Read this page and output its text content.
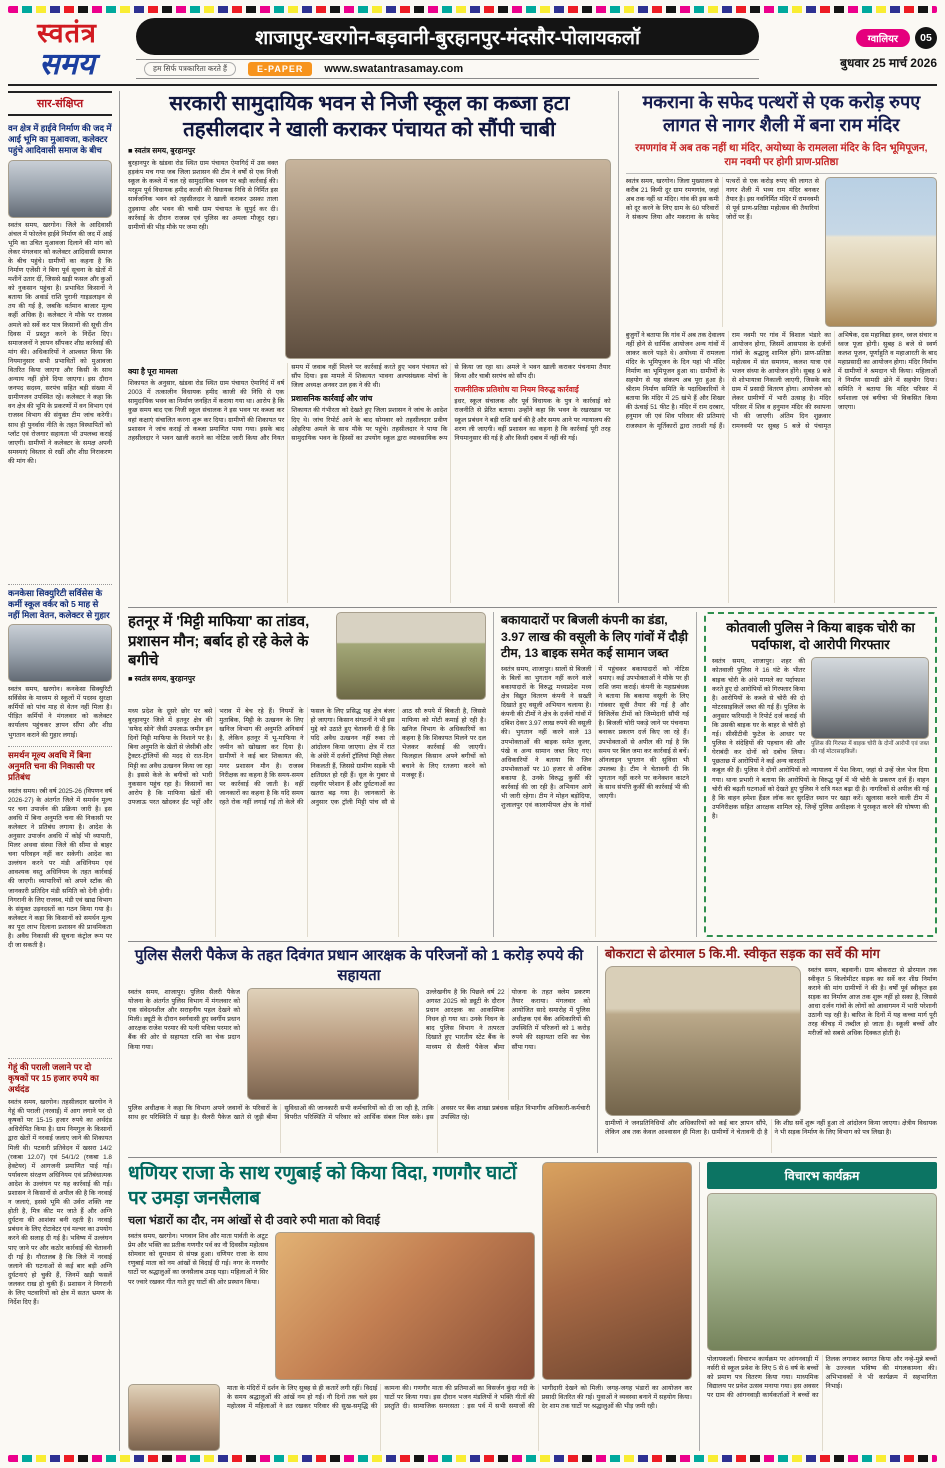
स्वतंत्र
समय
शाजापुर-खरगोन-बड़वानी-बुरहानपुर-मंदसौर-पोलायकलॉ
हम सिर्फ पत्रकारिता करते हैं	E-PAPER	www.swatantrasamay.com
ग्वालियर	05
बुधवार 25 मार्च 2026
सार-संक्षिप्त
वन क्षेत्र में हाईवे निर्माण की जद में आई भूमि का मुआवजा, कलेक्टर पहुंचे आदिवासी समाज के बीच
स्वतंत्र समय, खरगोन। जिले के आदिवासी अंचल में फोरलेन हाईवे निर्माण की जद में आई भूमि का उचित मुआवजा दिलाने की मांग को लेकर मंगलवार को कलेक्टर आदिवासी समाज के बीच पहुंचे। ग्रामीणों का कहना है कि निर्माण एजेंसी ने बिना पूर्व सूचना के खेतों में मशीनें उतार दीं, जिससे खड़ी फसल और कुओं को नुकसान पहुंचा है। प्रभावित किसानों ने बताया कि अवार्ड राशि पुरानी गाइडलाइन से तय की गई है, जबकि वर्तमान बाजार मूल्य कहीं अधिक है। कलेक्टर ने मौके पर राजस्व अमले को सर्वे कर पात्र किसानों की सूची तीन दिवस में प्रस्तुत करने के निर्देश दिए। समाजजनों ने ज्ञापन सौंपकर शीघ्र कार्रवाई की मांग की। अधिकारियों ने आश्वस्त किया कि नियमानुसार सभी प्रभावितों को मुआवजा वितरित किया जाएगा और किसी के साथ अन्याय नहीं होने दिया जाएगा। इस दौरान जनपद सदस्य, सरपंच सहित बड़ी संख्या में ग्रामीणजन उपस्थित रहे। कलेक्टर ने कहा कि वन क्षेत्र की भूमि के प्रकरणों में वन विभाग एवं राजस्व विभाग की संयुक्त टीम जांच करेगी। साथ ही पुनर्वास नीति के तहत विस्थापितों को प्लॉट एवं रोजगार सहायता भी उपलब्ध कराई जाएगी। ग्रामीणों ने कलेक्टर के समक्ष अपनी समस्याएं विस्तार से रखीं और शीघ्र निराकरण की मांग की।
कनकेसा सिक्युरिटी सर्विसेस के कर्मी स्कूल वर्कर को 5 माह से नहीं मिला वेतन, कलेक्टर से गुहार
स्वतंत्र समय, खरगोन। कनकेसा सिक्युरिटी सर्विसेस के माध्यम से स्कूलों में पदस्थ सुरक्षा कर्मियों को पांच माह से वेतन नहीं मिला है। पीड़ित कर्मियों ने मंगलवार को कलेक्टर कार्यालय पहुंचकर ज्ञापन सौंपा और शीघ्र भुगतान कराने की गुहार लगाई।
समर्थन मूल्य अवधि में बिना अनुमति चना की निकासी पर प्रतिबंध
स्वतंत्र समय। रबी वर्ष 2025-26 (विपणन वर्ष 2026-27) के अंतर्गत जिले में समर्थन मूल्य पर चना उपार्जन की प्रक्रिया जारी है। इस अवधि में बिना अनुमति चना की निकासी पर कलेक्टर ने प्रतिबंध लगाया है। आदेश के अनुसार उपार्जन अवधि में कोई भी व्यापारी, मिलर अथवा संस्था जिले की सीमा से बाहर चना परिवहन नहीं कर सकेगी। आदेश का उल्लंघन करने पर मंडी अधिनियम एवं आवश्यक वस्तु अधिनियम के तहत कार्रवाई की जाएगी। व्यापारियों को अपने स्टॉक की जानकारी प्रतिदिन मंडी समिति को देनी होगी। निगरानी के लिए राजस्व, मंडी एवं खाद्य विभाग के संयुक्त उड़नदस्तों का गठन किया गया है। कलेक्टर ने कहा कि किसानों को समर्थन मूल्य का पूरा लाभ दिलाना प्रशासन की प्राथमिकता है। अवैध निकासी की सूचना कंट्रोल रूम पर दी जा सकती है।
गेहूं की पराली जलाने पर दो कृषकों पर 15 हजार रुपये का अर्थदंड
स्वतंत्र समय, खरगोन। तहसीलदार खरगोन ने गेहूं की पराली (नरवाई) में आग लगाने पर दो कृषकों पर 15-15 हजार रुपये का अर्थदंड अधिरोपित किया है। ग्राम निमगुल के किसानों द्वारा खेतों में नरवाई जलाए जाने की शिकायत मिली थी। पटवारी प्रतिवेदन में खसरा 14/2 (रकबा 12.07) एवं 54/1/2 (रकबा 1.8 हेक्टेयर) में आगजनी प्रमाणित पाई गई। पर्यावरण संरक्षण अधिनियम एवं प्रतिबंधात्मक आदेश के उल्लंघन पर यह कार्रवाई की गई। प्रशासन ने किसानों से अपील की है कि नरवाई न जलाएं, इससे भूमि की उर्वरा शक्ति नष्ट होती है, मित्र कीट मर जाते हैं और अग्नि दुर्घटना की आशंका बनी रहती है। नरवाई प्रबंधन के लिए रोटावेटर एवं मल्चर का उपयोग करने की सलाह दी गई है। भविष्य में उल्लंघन पाए जाने पर और कठोर कार्रवाई की चेतावनी दी गई है। गौरतलब है कि जिले में नरवाई जलाने की घटनाओं से कई बार बड़ी अग्नि दुर्घटनाएं हो चुकी हैं, जिनमें खड़ी फसलें जलकर राख हो चुकी हैं। प्रशासन ने निगरानी के लिए पटवारियों को क्षेत्र में सतत भ्रमण के निर्देश दिए हैं।
सरकारी सामुदायिक भवन से निजी स्कूल का कब्जा हटा तहसीलदार ने खाली कराकर पंचायत को सौंपी चाबी
■ स्वतंत्र समय, बुरहानपुर
बुरहानपुर के खंडवा रोड स्थित ग्राम पंचायत ऐमागिर्द में उस वक्त हड़कंप मच गया जब जिला प्रशासन की टीम ने वर्षों से एक निजी स्कूल के कब्जे में चल रहे सामुदायिक भवन पर बड़ी कार्रवाई की। मरहूम पूर्व विधायक हमीद काजी की विधायक निधि से निर्मित इस सार्वजनिक भवन को तहसीलदार ने खाली कराकर उसका ताला तुड़वाया और भवन की चाबी ग्राम पंचायत के सुपुर्द कर दी। कार्रवाई के दौरान राजस्व एवं पुलिस का अमला मौजूद रहा। ग्रामीणों की भीड़ मौके पर जमा रही।
क्या है पूरा मामला
शिकायत के अनुसार, खंडवा रोड स्थित ग्राम पंचायत ऐमागिर्द में वर्ष 2003 में तत्कालीन विधायक हमीद काजी की निधि से एक सामुदायिक भवन का निर्माण जनहित में कराया गया था। आरोप है कि कुछ समय बाद एक निजी स्कूल संचालक ने इस भवन पर कब्जा कर वहां कक्षाएं संचालित करना शुरू कर दिया। ग्रामीणों की शिकायत पर प्रशासन ने जांच कराई तो कब्जा प्रमाणित पाया गया। इसके बाद तहसीलदार ने भवन खाली कराने का नोटिस जारी किया और नियत समय में जवाब नहीं मिलने पर कार्रवाई करते हुए भवन पंचायत को सौंप दिया। इस मामले में शिकायत भावना अल्पसंख्यक मोर्चा के जिला अध्यक्ष अनवर उल हक ने की थी।
प्रशासनिक कार्रवाई और जांच
शिकायत की गंभीरता को देखते हुए जिला प्रशासन ने जांच के आदेश दिए थे। जांच रिपोर्ट आने के बाद सोमवार को तहसीलदार प्रवीण ओहरिया अमले के साथ मौके पर पहुंचे। तहसीलदार ने पाया कि सामुदायिक भवन के हिस्सों का उपयोग स्कूल द्वारा व्यावसायिक रूप से किया जा रहा था। अमले ने भवन खाली कराकर पंचनामा तैयार किया और चाबी सरपंच को सौंप दी।
राजनीतिक प्रतिशोध या नियम विरुद्ध कार्रवाई
इधर, स्कूल संचालक और पूर्व विधायक के पुत्र ने कार्रवाई को राजनीति से प्रेरित बताया। उन्होंने कहा कि भवन के रखरखाव पर स्कूल प्रबंधन ने बड़ी राशि खर्च की है और समय आने पर न्यायालय की शरण ली जाएगी। वहीं प्रशासन का कहना है कि कार्रवाई पूरी तरह नियमानुसार की गई है और किसी दबाव में नहीं की गई।
मकराना के सफेद पत्थरों से एक करोड़ रुपए लागत से नागर शैली में बना राम मंदिर
रमणगांव में अब तक नहीं था मंदिर, अयोध्या के रामलला मंदिर के दिन भूमिपूजन, राम नवमी पर होगी प्राण-प्रतिष्ठा
स्वतंत्र समय, खरगोन। जिला मुख्यालय से करीब 21 किमी दूर ग्राम रमणगांव, जहां अब तक नहीं था मंदिर। गांव की इस कमी को दूर करने के लिए ग्राम के 60 परिवारों ने संकल्प लिया और मकराना के सफेद पत्थरों से एक करोड़ रुपए की लागत से नागर शैली में भव्य राम मंदिर बनकर तैयार है। इस नवनिर्मित मंदिर में रामनवमी से पूर्व प्राण-प्रतिष्ठा महोत्सव की तैयारियां जोरों पर हैं।
बुजुर्गों ने बताया कि गांव में अब तक देवालय नहीं होने से धार्मिक आयोजन अन्य गांवों में जाकर करने पड़ते थे। अयोध्या में रामलला मंदिर के भूमिपूजन के दिन यहां भी मंदिर निर्माण का भूमिपूजन हुआ था। ग्रामीणों के सहयोग से यह संकल्प अब पूरा हुआ है। श्रीराम निर्माण समिति के पदाधिकारियों ने बताया कि मंदिर में 25 खंभे हैं और शिखर की ऊंचाई 51 फीट है। मंदिर में राम दरबार, हनुमान जी एवं शिव परिवार की प्रतिमाएं राजस्थान के मूर्तिकारों द्वारा तराशी गई हैं। राम नवमी पर गांव में विशाल भंडारे का आयोजन होगा, जिसमें आसपास के दर्जनों गांवों के श्रद्धालु शामिल होंगे। प्राण-प्रतिष्ठा महोत्सव में संत समागम, कलश यात्रा एवं भजन संध्या के आयोजन होंगे। सुबह 9 बजे से शोभायात्रा निकाली जाएगी, जिसके बाद ग्राम में प्रसादी वितरण होगा। आयोजन को लेकर ग्रामीणों में भारी उत्साह है। मंदिर परिसर में शिव व हनुमान मंदिर की स्थापना भी की जाएगी। अंतिम दिन शुक्रवार रामनवमी पर सुबह 5 बजे से पंचामृत अभिषेक, दस महाविद्या हवन, ध्वज संचार व ध्वज पूजा होगी। सुबह 8 बजे से स्वर्ण कलश पूजन, पूर्णाहुति व महाआरती के बाद महाप्रसादी का आयोजन होगा। मंदिर निर्माण में ग्रामीणों ने श्रमदान भी किया। महिलाओं ने निर्माण सामग्री ढोने में सहयोग दिया। समिति ने बताया कि मंदिर परिसर में धर्मशाला एवं बगीचा भी विकसित किया जाएगा।
हतनूर में 'मिट्टी माफिया' का तांडव, प्रशासन मौन; बर्बाद हो रहे केले के बगीचे
■ स्वतंत्र समय, बुरहानपुर
मध्य प्रदेश के दूसरे छोर पर बसे बुरहानपुर जिले में हतनूर क्षेत्र की 'सफेद सोने' जैसी उपजाऊ जमीन इन दिनों मिट्टी माफिया के निशाने पर है। बिना अनुमति के खेतों से जेसीबी और ट्रैक्टर-ट्रॉलियों की मदद से रात-दिन मिट्टी का अवैध उत्खनन किया जा रहा है। इससे केले के बगीचों को भारी नुकसान पहुंच रहा है। किसानों का आरोप है कि माफिया खेतों की उपजाऊ परत खोदकर ईंट भट्टों और भराव में बेच रहे हैं। नियमों के मुताबिक, मिट्टी के उत्खनन के लिए खनिज विभाग की अनुमति अनिवार्य है, लेकिन हतनूर में भू-माफिया ने जमीन को खोखला कर दिया है। ग्रामीणों ने कई बार शिकायत की, मगर प्रशासन मौन है। राजस्व निरीक्षक का कहना है कि समय-समय पर कार्रवाई की जाती है। वहीं जानकारों का कहना है कि यदि समय रहते रोक नहीं लगाई गई तो केले की फसल के लिए प्रसिद्ध यह क्षेत्र बंजर हो जाएगा। किसान संगठनों ने भी इस मुद्दे को उठाते हुए चेतावनी दी है कि यदि अवैध उत्खनन नहीं रुका तो आंदोलन किया जाएगा। क्षेत्र में रात के अंधेरे में दर्जनों ट्रॉलियां मिट्टी लेकर निकलती हैं, जिससे ग्रामीण सड़कें भी क्षतिग्रस्त हो रही हैं। धूल के गुबार से राहगीर परेशान हैं और दुर्घटनाओं का खतरा बढ़ गया है। जानकारों के अनुसार एक ट्रॉली मिट्टी पांच सौ से आठ सौ रुपये में बिकती है, जिससे माफिया को मोटी कमाई हो रही है। खनिज विभाग के अधिकारियों का कहना है कि शिकायत मिलने पर दल भेजकर कार्रवाई की जाएगी। फिलहाल किसान अपने बगीचों को बचाने के लिए रतजगा करने को मजबूर हैं।
बकायादारों पर बिजली कंपनी का डंडा, 3.97 लाख की वसूली के लिए गांवों में दौड़ी टीम, 13 बाइक समेत कई सामान जब्त
स्वतंत्र समय, शाजापुर। सालों से बिजली के बिलों का भुगतान नहीं करने वाले बकायादारों के विरुद्ध मध्यप्रदेश मध्य क्षेत्र विद्युत वितरण कंपनी ने सख्ती दिखाते हुए वसूली अभियान चलाया है। कंपनी की टीमों ने क्षेत्र के दर्जनों गांवों में दबिश देकर 3.97 लाख रुपये की वसूली की। भुगतान नहीं करने वाले 13 उपभोक्ताओं की बाइक समेत कूलर, पंखे व अन्य सामान जब्त किए गए। अधिकारियों ने बताया कि जिन उपभोक्ताओं पर 10 हजार से अधिक बकाया है, उनके विरुद्ध कुर्की की कार्रवाई की जा रही है। अभियान आगे भी जारी रहेगा। टीम ने मोहन बड़ोदिया, शुजालपुर एवं कालापीपल क्षेत्र के गांवों में पहुंचकर बकायादारों को नोटिस थमाए। कई उपभोक्ताओं ने मौके पर ही राशि जमा कराई। कंपनी के महाप्रबंधक ने बताया कि बकाया वसूली के लिए गांववार सूची तैयार की गई है और विजिलेंस टीमों को जिम्मेदारी सौंपी गई है। बिजली चोरी पकड़े जाने पर पंचनामा बनाकर प्रकरण दर्ज किए जा रहे हैं। उपभोक्ताओं से अपील की गई है कि समय पर बिल जमा कर कार्रवाई से बचें। ऑनलाइन भुगतान की सुविधा भी उपलब्ध है। टीम ने चेतावनी दी कि भुगतान नहीं करने पर कनेक्शन काटने के साथ संपत्ति कुर्की की कार्रवाई भी की जाएगी।
कोतवाली पुलिस ने किया बाइक चोरी का पर्दाफाश, दो आरोपी गिरफ्तार
पुलिस की गिरफ्त में बाइक चोरी के दोनों आरोपी एवं जब्त की गई मोटरसाइकिलें।
स्वतंत्र समय, शाजापुर। शहर की कोतवाली पुलिस ने 16 घंटे के भीतर बाइक चोरी के अंधे मामले का पर्दाफाश करते हुए दो आरोपियों को गिरफ्तार किया है। आरोपियों के कब्जे से चोरी की दो मोटरसाइकिलें जब्त की गई हैं। पुलिस के अनुसार फरियादी ने रिपोर्ट दर्ज कराई थी कि उसकी बाइक घर के बाहर से चोरी हो गई। सीसीटीवी फुटेज के आधार पर पुलिस ने संदेहियों की पहचान की और घेराबंदी कर दोनों को दबोच लिया। पूछताछ में आरोपियों ने कई अन्य वारदातें कबूल की हैं। पुलिस ने दोनों आरोपियों को न्यायालय में पेश किया, जहां से उन्हें जेल भेज दिया गया। थाना प्रभारी ने बताया कि आरोपियों के विरुद्ध पूर्व में भी चोरी के प्रकरण दर्ज हैं। वाहन चोरी की बढ़ती घटनाओं को देखते हुए पुलिस ने रात्रि गश्त बढ़ा दी है। नागरिकों से अपील की गई है कि वाहन हमेशा हैंडल लॉक कर सुरक्षित स्थान पर खड़ा करें। खुलासा करने वाली टीम में उपनिरीक्षक सहित आरक्षक शामिल रहे, जिन्हें पुलिस अधीक्षक ने पुरस्कृत करने की घोषणा की है।
पुलिस सैलरी पैकेज के तहत दिवंगत प्रधान आरक्षक के परिजनों को 1 करोड़ रुपये की सहायता
स्वतंत्र समय, शाजापुर। पुलिस सैलरी पैकेज योजना के अंतर्गत पुलिस विभाग में मंगलवार को एक संवेदनशील और सराहनीय पहल देखने को मिली। ड्यूटी के दौरान स्वर्गवासी हुए स्वर्गीय प्रधान आरक्षक राजेश परमार की पत्नी पवित्रा परमार को बैंक की ओर से सहायता राशि का चेक प्रदान किया गया।
उल्लेखनीय है कि पिछले वर्ष 22 अगस्त 2025 को ड्यूटी के दौरान प्रधान आरक्षक का आकस्मिक निधन हो गया था। उनके निधन के बाद पुलिस विभाग ने तत्परता दिखाते हुए भारतीय स्टेट बैंक के माध्यम से सैलरी पैकेज बीमा योजना के तहत क्लेम प्रकरण तैयार कराया। मंगलवार को आयोजित सादे समारोह में पुलिस अधीक्षक एवं बैंक अधिकारियों की उपस्थिति में परिजनों को 1 करोड़ रुपये की सहायता राशि का चेक सौंपा गया।
पुलिस अधीक्षक ने कहा कि विभाग अपने जवानों के परिवारों के साथ हर परिस्थिति में खड़ा है। सैलरी पैकेज खाते से जुड़ी बीमा सुविधाओं की जानकारी सभी कर्मचारियों को दी जा रही है, ताकि विपरीत परिस्थिति में परिवार को आर्थिक संबल मिल सके। इस अवसर पर बैंक शाखा प्रबंधक सहित विभागीय अधिकारी-कर्मचारी उपस्थित रहे।
बोकराटा से ढोरमाल 5 कि.मी. स्वीकृत सड़क का सर्वे की मांग
स्वतंत्र समय, बड़वानी। ग्राम बोकराटा से ढोरमाल तक स्वीकृत 5 किलोमीटर सड़क का सर्वे कर शीघ्र निर्माण कराने की मांग ग्रामीणों ने की है। वर्षों पूर्व स्वीकृत इस सड़क का निर्माण आज तक शुरू नहीं हो सका है, जिससे आधा दर्जन गांवों के लोगों को आवागमन में भारी परेशानी उठानी पड़ रही है। बारिश के दिनों में यह कच्चा मार्ग पूरी तरह कीचड़ में तब्दील हो जाता है। स्कूली बच्चों और मरीजों को सबसे अधिक दिक्कत होती है।
ग्रामीणों ने जनप्रतिनिधियों और अधिकारियों को कई बार ज्ञापन सौंपे, लेकिन अब तक केवल आश्वासन ही मिला है। ग्रामीणों ने चेतावनी दी है कि शीघ्र सर्वे शुरू नहीं हुआ तो आंदोलन किया जाएगा। क्षेत्रीय विधायक ने भी सड़क निर्माण के लिए विभाग को पत्र लिखा है।
धणियर राजा के साथ रणुबाई को किया विदा, गणगौर घाटों पर उमड़ा जनसैलाब
चला भंडारों का दौर, नम आंखों से दी उवारे रुपी माता को विदाई
स्वतंत्र समय, खरगोन। भगवान शिव और माता पार्वती के अटूट प्रेम और भक्ति का प्रतीक गणगौर पर्व का नौ दिवसीय महोत्सव सोमवार को धूमधाम से संपन्न हुआ। धणियर राजा के साथ रणुबाई माता को नम आंखों से विदाई दी गई। नगर के गणगौर घाटों पर श्रद्धालुओं का जनसैलाब उमड़ पड़ा। महिलाओं ने सिर पर ज्वारे रखकर गीत गाते हुए घाटों की ओर प्रस्थान किया।
माता के मंदिरों में दर्शन के लिए सुबह से ही कतारें लगी रहीं। विदाई के समय श्रद्धालुओं की आंखें नम हो गईं। नौ दिनों तक चले इस महोत्सव में महिलाओं ने व्रत रखकर परिवार की सुख-समृद्धि की कामना की। गणगौर माता की प्रतिमाओं का विसर्जन कुंदा नदी के घाटों पर किया गया। इस दौरान भजन मंडलियों ने भक्ति गीतों की प्रस्तुति दी। सामाजिक समरसता : इस पर्व में सभी समाजों की भागीदारी देखने को मिली। जगह-जगह भंडारों का आयोजन कर प्रसादी वितरित की गई। युवाओं ने व्यवस्था बनाने में सहयोग किया। देर शाम तक घाटों पर श्रद्धालुओं की भीड़ जमी रही।
विचारभ कार्यक्रम
पोलायकलॉ। विचारभ कार्यक्रम पर आंगनवाड़ी में नर्सरी से स्कूल प्रवेश के लिए 5 से 6 वर्ष के बच्चों को प्रमाण पत्र वितरण किया गया। माध्यमिक विद्यालय पर प्रवेश उत्सव मनाया गया। इस अवसर पर ग्राम की आंगनवाड़ी कार्यकर्ताओं ने बच्चों का तिलक लगाकर स्वागत किया और नन्हे-मुन्ने बच्चों के उज्ज्वल भविष्य की मंगलकामना की। अभिभावकों ने भी कार्यक्रम में सहभागिता निभाई।
